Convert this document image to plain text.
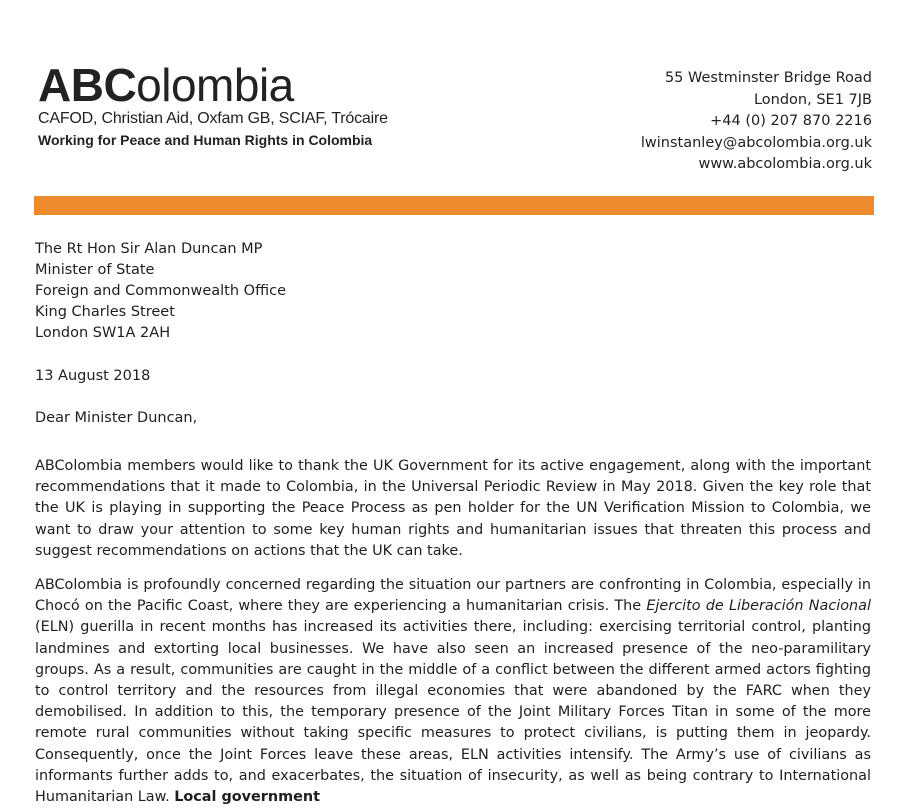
ABColombia
CAFOD, Christian Aid, Oxfam GB, SCIAF, Trócaire
Working for Peace and Human Rights in Colombia
55 Westminster Bridge Road
London, SE1 7JB
+44 (0) 207 870 2216
lwinstanley@abcolombia.org.uk
www.abcolombia.org.uk
The Rt Hon Sir Alan Duncan MP
Minister of State
Foreign and Commonwealth Office
King Charles Street
London SW1A 2AH
13 August 2018
Dear Minister Duncan,

ABColombia members would like to thank the UK Government for its active engagement, along with the important recommendations that it made to Colombia, in the Universal Periodic Review in May 2018. Given the key role that the UK is playing in supporting the Peace Process as pen holder for the UN Verification Mission to Colombia, we want to draw your attention to some key human rights and humanitarian issues that threaten this process and suggest recommendations on actions that the UK can take.

ABColombia is profoundly concerned regarding the situation our partners are confronting in Colombia, especially in Chocó on the Pacific Coast, where they are experiencing a humanitarian crisis. The Ejercito de Liberación Nacional (ELN) guerilla in recent months has increased its activities there, including: exercising territorial control, planting landmines and extorting local businesses. We have also seen an increased presence of the neo-paramilitary groups. As a result, communities are caught in the middle of a conflict between the different armed actors fighting to control territory and the resources from illegal economies that were abandoned by the FARC when they demobilised. In addition to this, the temporary presence of the Joint Military Forces Titan in some of the more remote rural communities without taking specific measures to protect civilians, is putting them in jeopardy. Consequently, once the Joint Forces leave these areas, ELN activities intensify. The Army’s use of civilians as informants further adds to, and exacerbates, the situation of insecurity, as well as being contrary to International Humanitarian Law. Local government
